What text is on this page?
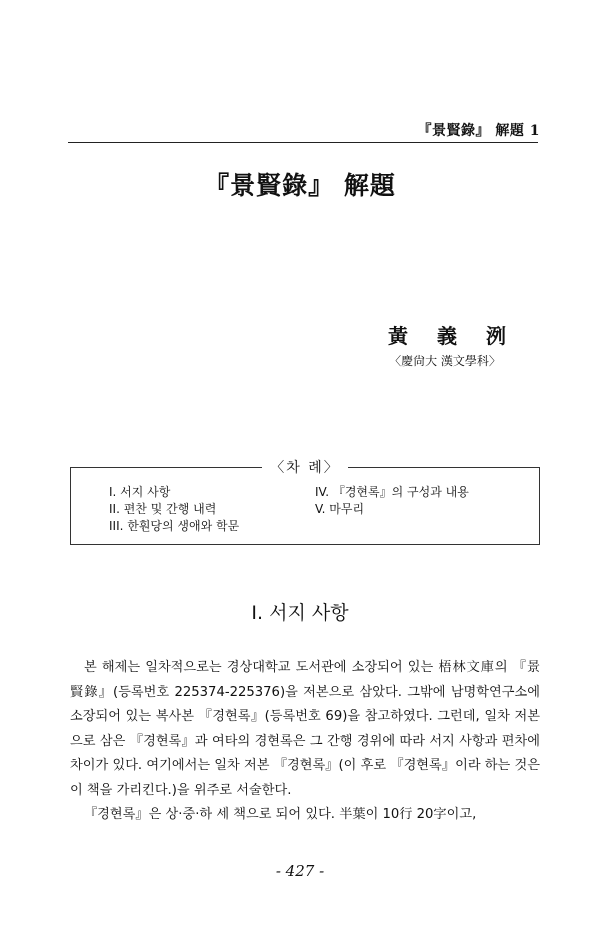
『景賢錄』 解題 1
『景賢錄』 解題
黃 義 洌
〈慶尙大 漢文學科〉
〈차 례〉
I. 서지 사항
II. 편찬 및 간행 내력
III. 한훤당의 생애와 학문
IV. 『경현록』의 구성과 내용
V. 마무리
I. 서지 사항

본 해제는 일차적으로는 경상대학교 도서관에 소장되어 있는 梧林文庫의 『景賢錄』(등록번호 225374-225376)을 저본으로 삼았다. 그밖에 남명학연구소에 소장되어 있는 복사본 『경현록』(등록번호 69)을 참고하였다. 그런데, 일차 저본으로 삼은 『경현록』과 여타의 경현록은 그 간행 경위에 따라 서지 사항과 편차에 차이가 있다. 여기에서는 일차 저본 『경현록』(이 후로 『경현록』이라 하는 것은 이 책을 가리킨다.)을 위주로 서술한다.

『경현록』은 상·중·하 세 책으로 되어 있다. 半葉이 10行 20字이고,

- 427 -
